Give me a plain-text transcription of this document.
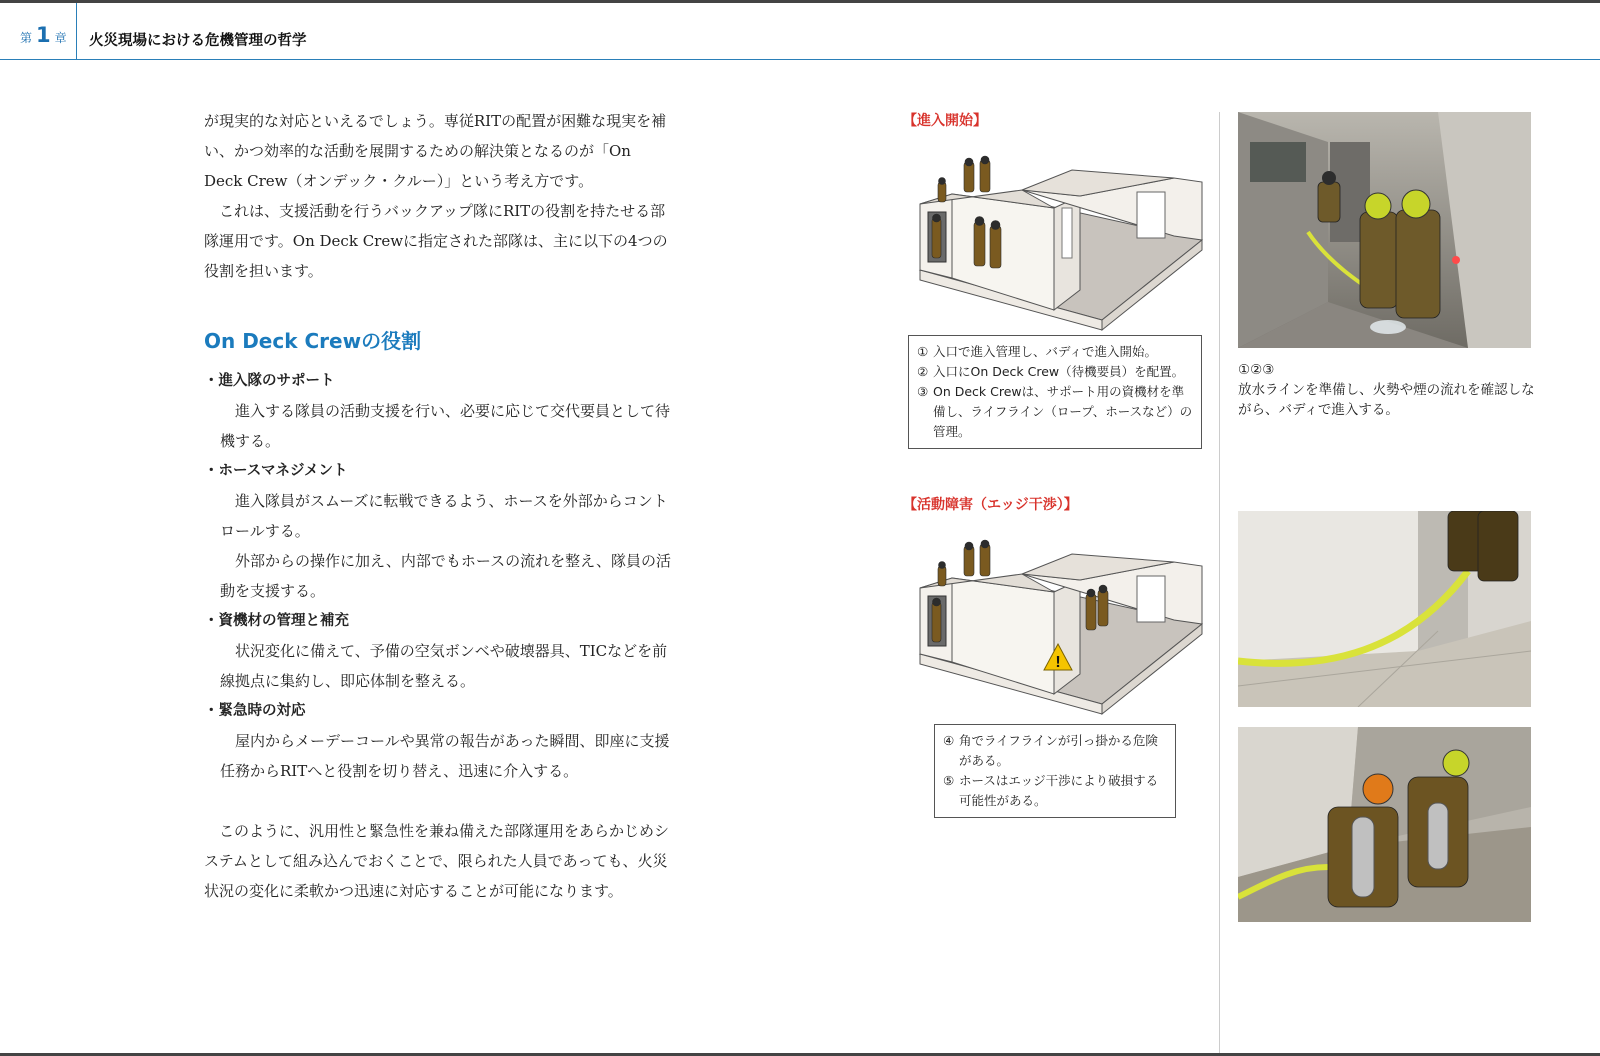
第 1 章 火災現場における危機管理の哲学

が現実的な対応といえるでしょう。専従RITの配置が困難な現実を補い、かつ効率的な活動を展開するための解決策となるのが「On Deck Crew（オンデック・クルー）」という考え方です。

これは、支援活動を行うバックアップ隊にRITの役割を持たせる部隊運用です。On Deck Crewに指定された部隊は、主に以下の4つの役割を担います。

On Deck Crewの役割
・進入隊のサポート

進入する隊員の活動支援を行い、必要に応じて交代要員として待機する。

・ホースマネジメント

進入隊員がスムーズに転戦できるよう、ホースを外部からコントロールする。

外部からの操作に加え、内部でもホースの流れを整え、隊員の活動を支援する。

・資機材の管理と補充

状況変化に備えて、予備の空気ボンベや破壊器具、TICなどを前線拠点に集約し、即応体制を整える。

・緊急時の対応

屋内からメーデーコールや異常の報告があった瞬間、即座に支援任務からRITへと役割を切り替え、迅速に介入する。

このように、汎用性と緊急性を兼ね備えた部隊運用をあらかじめシステムとして組み込んでおくことで、限られた人員であっても、火災状況の変化に柔軟かつ迅速に対応することが可能になります。

【進入開始】
① 入口で進入管理し、バディで進入開始。
② 入口にOn Deck Crew（待機要員）を配置。
③ On Deck Crewは、サポート用の資機材を準備し、ライフライン（ロープ、ホースなど）の管理。
【活動障害（エッジ干渉）】
!
④ 角でライフラインが引っ掛かる危険がある。
⑤ ホースはエッジ干渉により破損する可能性がある。
①②③
放水ラインを準備し、火勢や煙の流れを確認しながら、バディで進入する。
